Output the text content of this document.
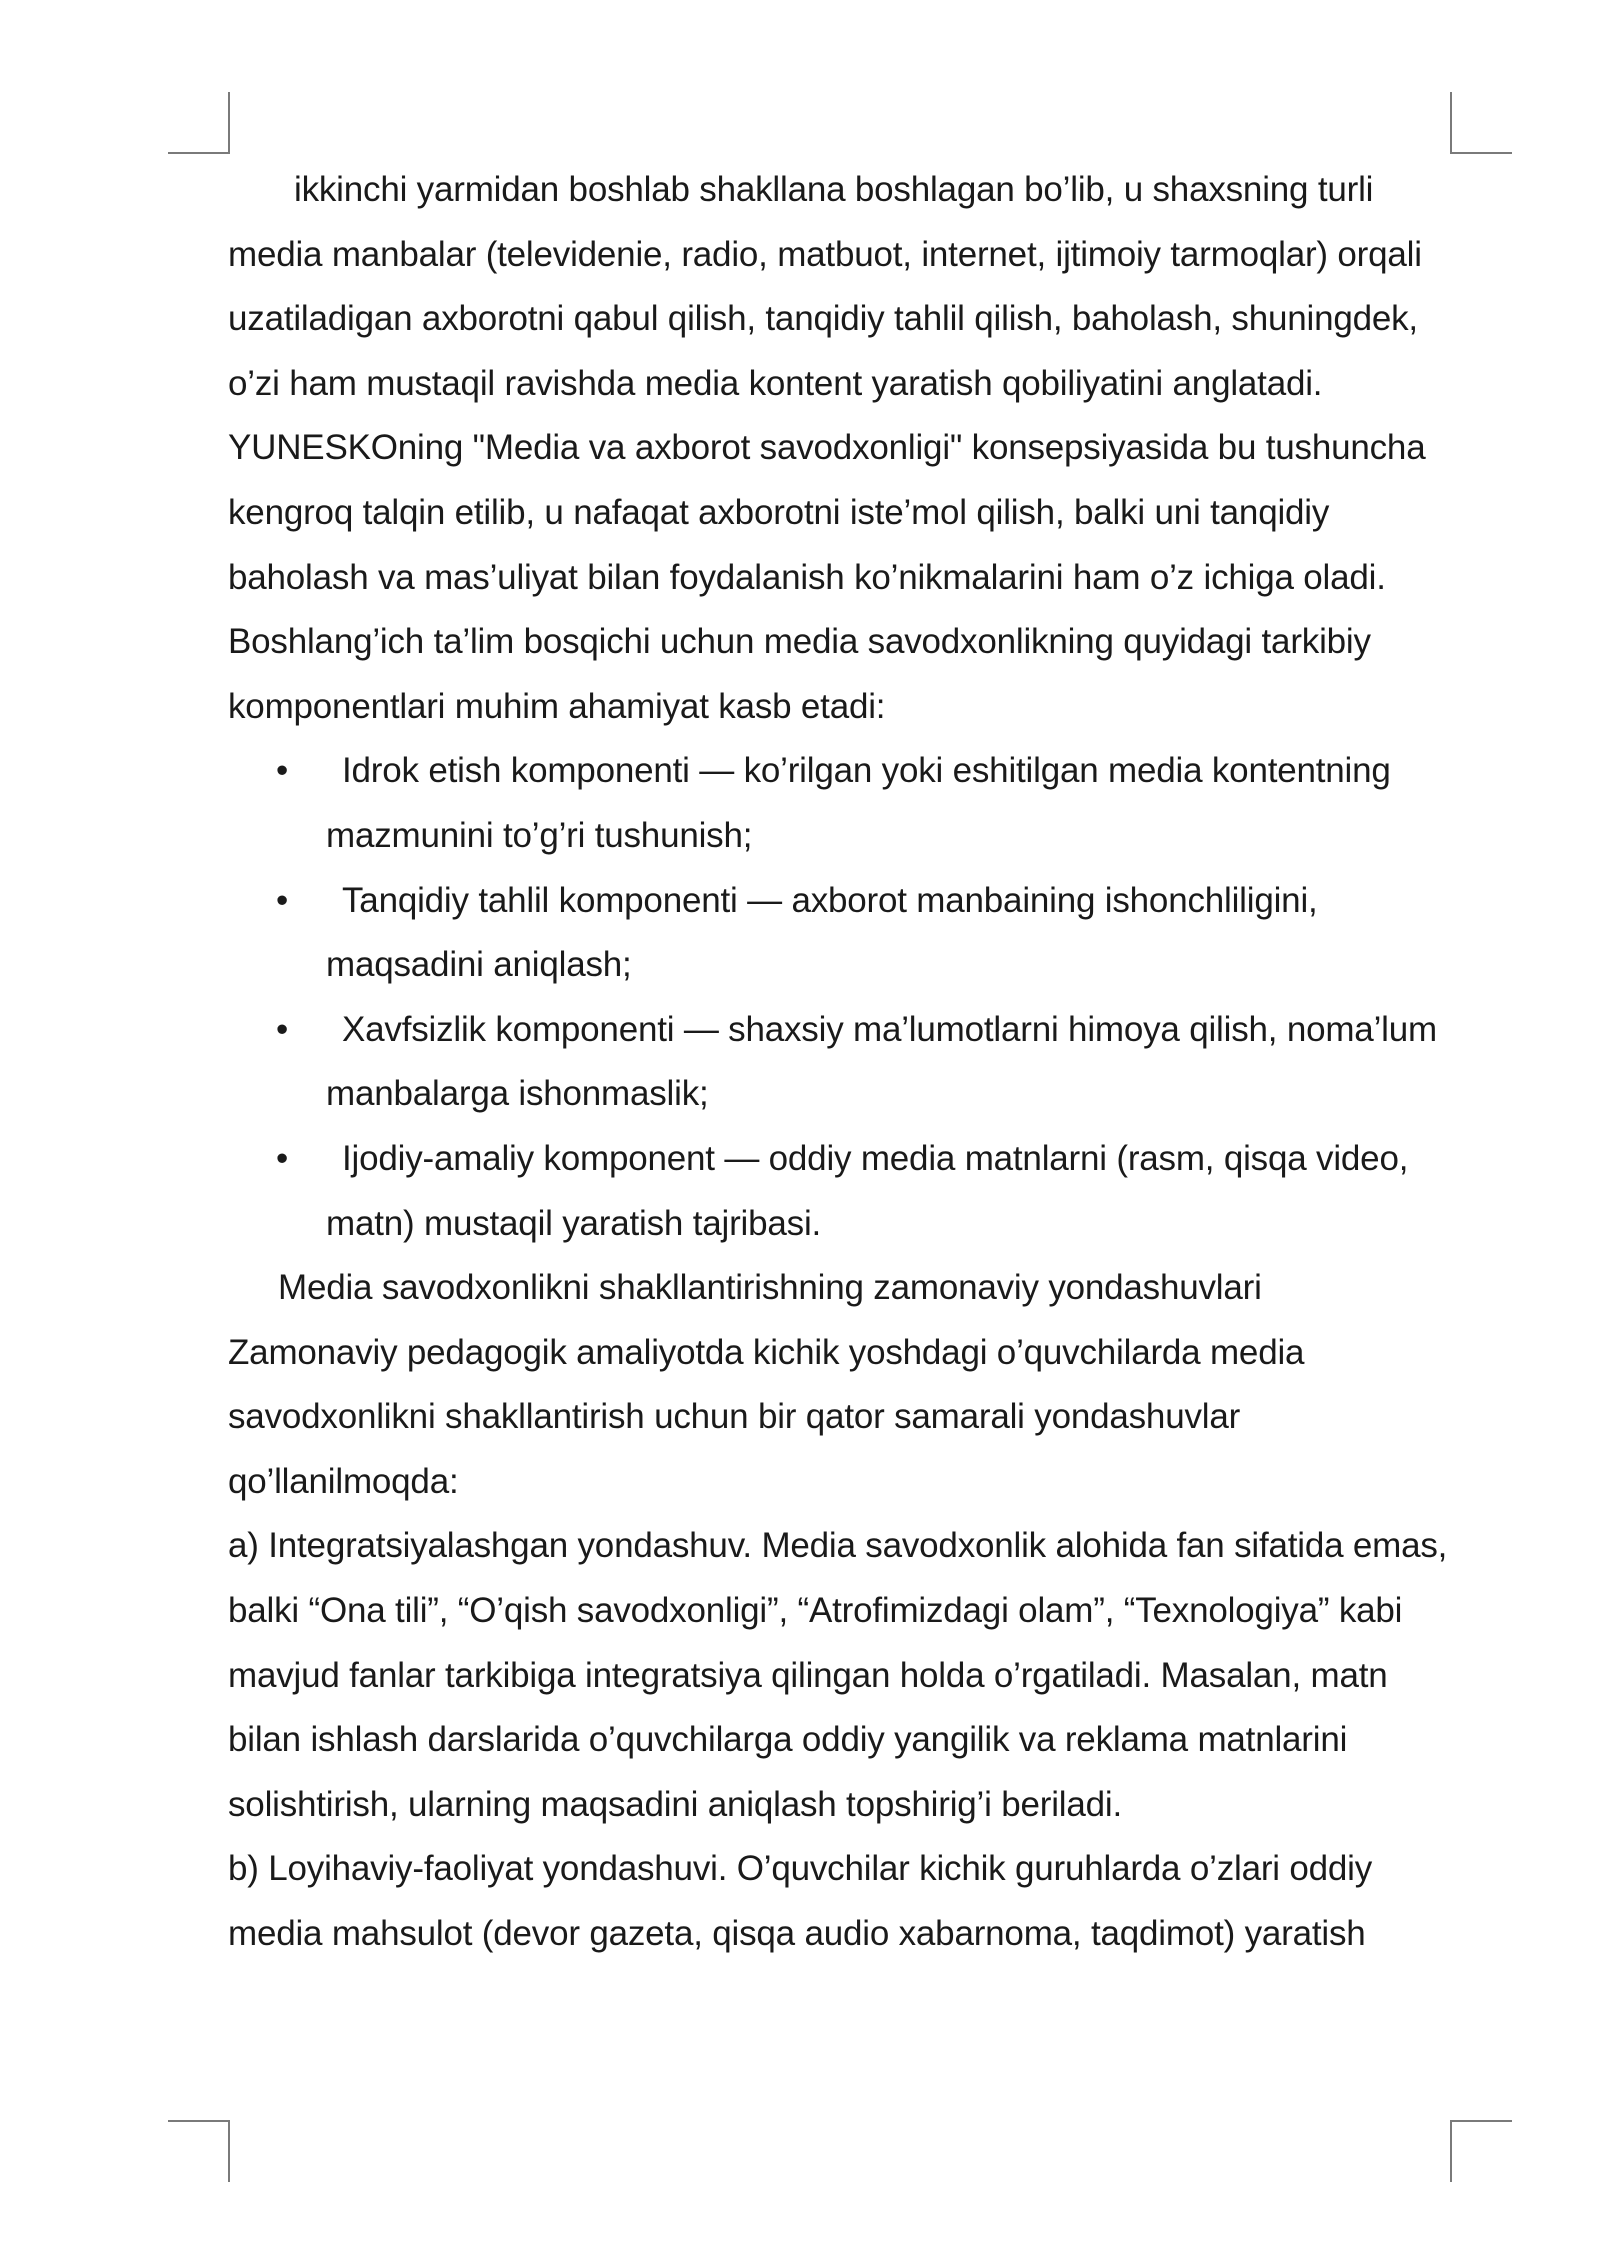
ikkinchi yarmidan boshlab shakllana boshlagan bo’lib, u shaxsning turli media manbalar (televidenie, radio, matbuot, internet, ijtimoiy tarmoqlar) orqali uzatiladigan axborotni qabul qilish, tanqidiy tahlil qilish, baholash, shuningdek, o’zi ham mustaqil ravishda media kontent yaratish qobiliyatini anglatadi. YUNESKOning "Media va axborot savodxonligi" konsepsiyasida bu tushuncha kengroq talqin etilib, u nafaqat axborotni iste’mol qilish, balki uni tanqidiy baholash va mas’uliyat bilan foydalanish ko’nikmalarini ham o’z ichiga oladi.

Boshlang’ich ta’lim bosqichi uchun media savodxonlikning quyidagi tarkibiy komponentlari muhim ahamiyat kasb etadi:

•	Idrok etish komponenti — ko’rilgan yoki eshitilgan media kontentning mazmunini to’g’ri tushunish;
•	Tanqidiy tahlil komponenti — axborot manbaining ishonchliligini, maqsadini aniqlash;
•	Xavfsizlik komponenti — shaxsiy ma’lumotlarni himoya qilish, noma’lum manbalarga ishonmaslik;
•	Ijodiy-amaliy komponent — oddiy media matnlarni (rasm, qisqa video, matn) mustaqil yaratish tajribasi.

Media savodxonlikni shakllantirishning zamonaviy yondashuvlari

Zamonaviy pedagogik amaliyotda kichik yoshdagi o’quvchilarda media savodxonlikni shakllantirish uchun bir qator samarali yondashuvlar qo’llanilmoqda:

a) Integratsiyalashgan yondashuv. Media savodxonlik alohida fan sifatida emas, balki “Ona tili”, “O’qish savodxonligi”, “Atrofimizdagi olam”, “Texnologiya” kabi mavjud fanlar tarkibiga integratsiya qilingan holda o’rgatiladi. Masalan, matn bilan ishlash darslarida o’quvchilarga oddiy yangilik va reklama matnlarini solishtirish, ularning maqsadini aniqlash topshirig’i beriladi.

b) Loyihaviy-faoliyat yondashuvi. O’quvchilar kichik guruhlarda o’zlari oddiy media mahsulot (devor gazeta, qisqa audio xabarnoma, taqdimot) yaratish
